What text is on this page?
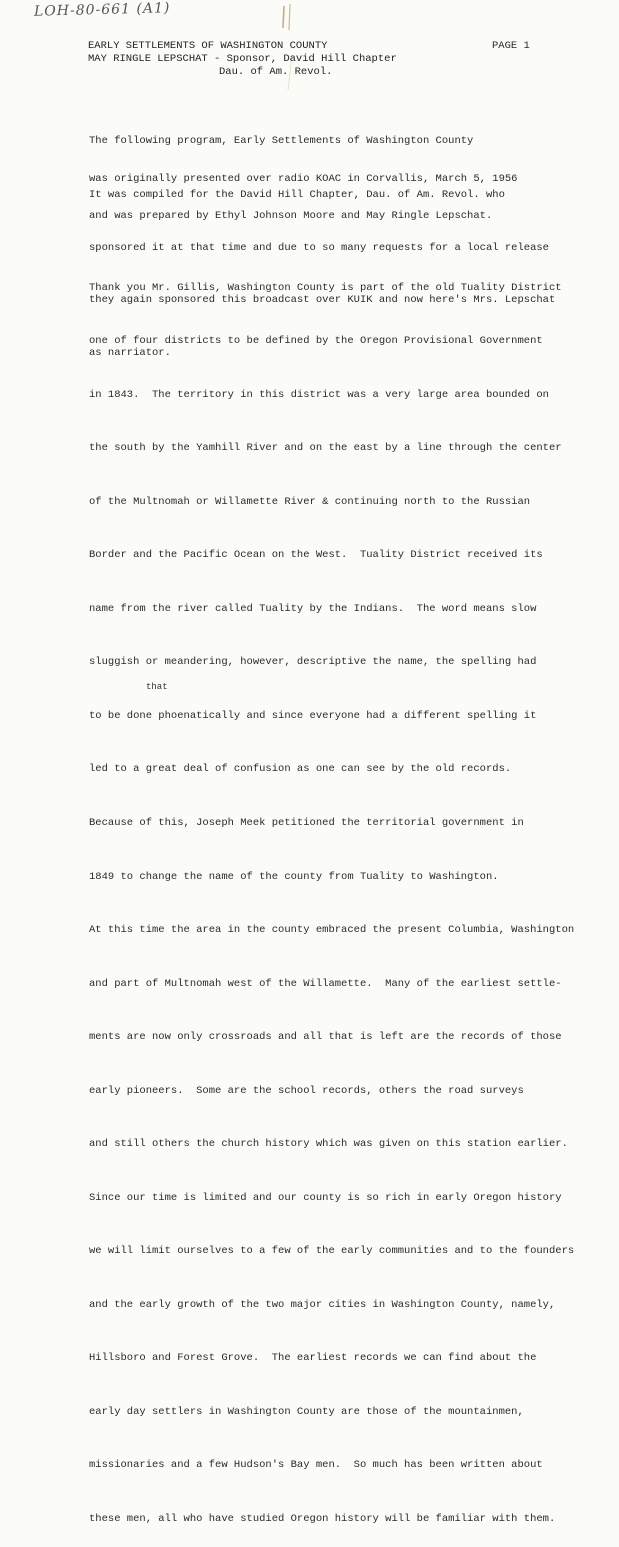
LOH-80-661 (A1)
EARLY SETTLEMENTS OF WASHINGTON COUNTY
MAY RINGLE LEPSCHAT - Sponsor, David Hill Chapter
Dau. of Am. Revol.
PAGE 1

The following program, Early Settlements of Washington County

was originally presented over radio KOAC in Corvallis, March 5, 1956

and was prepared by Ethyl Johnson Moore and May Ringle Lepschat.

It was compiled for the David Hill Chapter, Dau. of Am. Revol. who

sponsored it at that time and due to so many requests for a local release

they again sponsored this broadcast over KUIK and now here's Mrs. Lepschat

as narriator.

Thank you Mr. Gillis, Washington County is part of the old Tuality District

one of four districts to be defined by the Oregon Provisional Government

in 1843.  The territory in this district was a very large area bounded on

the south by the Yamhill River and on the east by a line through the center

of the Multnomah or Willamette River & continuing north to the Russian

Border and the Pacific Ocean on the West.  Tuality District received its

name from the river called Tuality by the Indians.  The word means slow

sluggish or meandering, however, descriptive the name, the spelling had

to be done phoenatically and since everyone had a different spelling it

led to a great deal of confusion as one can see by the old records.

Because of this, Joseph Meek petitioned the territorial government in

1849 to change the name of the county from Tuality to Washington.

At this time the area in the county embraced the present Columbia, Washington

and part of Multnomah west of the Willamette.  Many of the earliest settle-

ments are now only crossroads and all that is left are the records of those

early pioneers.  Some are the school records, others the road surveys

and still others the church history which was given on this station earlier.

Since our time is limited and our county is so rich in early Oregon history

we will limit ourselves to a few of the early communities and to the founders

and the early growth of the two major cities in Washington County, namely,

Hillsboro and Forest Grove.  The earliest records we can find about the

early day settlers in Washington County are those of the mountainmen,

missionaries and a few Hudson's Bay men.  So much has been written about

these men, all who have studied Oregon history will be familiar with them.

that
